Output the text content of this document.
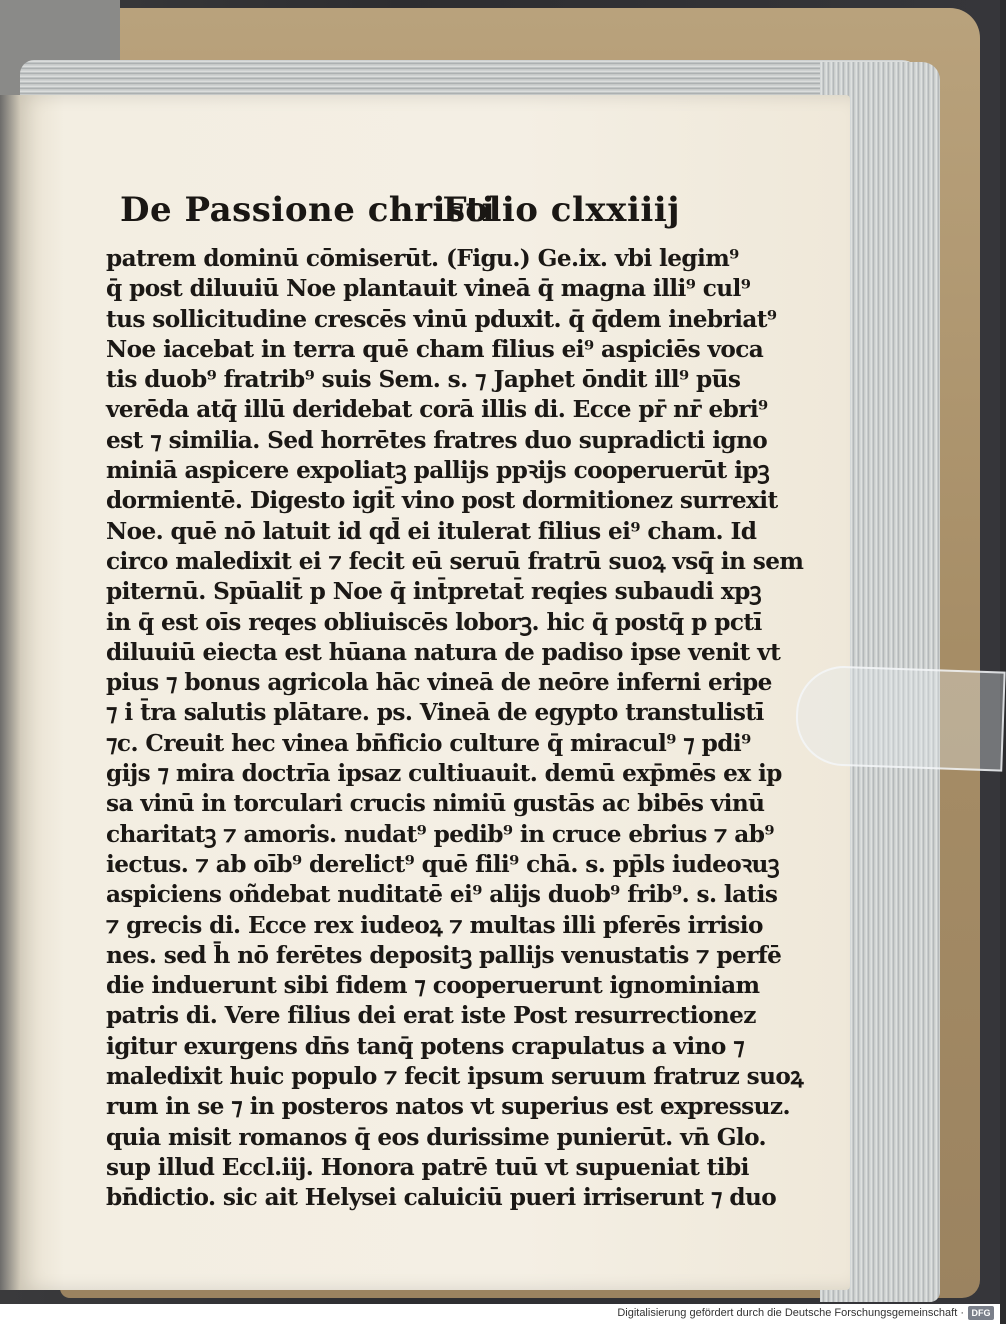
De Passione christi
Folio clxxiiij
patrem dominū cōmiserūt. (Figu.) Ge.ix. vbi legim⁹
q̄ post diluuiū Noe plantauit vineā q̄ magna illi⁹ cul⁹
tus sollicitudine crescēs vinū pduxit. q̄ q̄dem inebriat⁹
Noe iacebat in terra quē cham filius ei⁹ aspiciēs voca
tis duob⁹ fratrib⁹ suis Sem. s. ⁊ Japhet ōndit ill⁹ pu̅s
verēda atq̄ illū deridebat corā illis di. Ecce pr̄ nr̄ ebri⁹
est ⁊ similia. Sed horrētes fratres duo supradicti igno
miniā aspicere expoliatꝫ pallijs ppꝛijs cooperuerūt ipꝫ
dormientē. Digesto igit̄ vino post dormitionez surrexit
Noe. quē nō latuit id qd̄ ei itulerat filius ei⁹ cham. Id
circo maledixit ei ⁊ fecit eū seruū fratrū suoꝝ vsq̄ in sem
piternū. Spūalit̄ p Noe q̄ int̄pretat̄ reqies subaudi xpꝫ
in q̄ est oīs reqes obliuiscēs loborꝫ. hic q̄ postq̄ p pctī
diluuiū eiecta est hūana natura de padiso ipse venit vt
pius ⁊ bonus agricola hāc vineā de neōre inferni eripe
⁊ i t̄ra salutis plātare. ps. Vineā de egypto transtulistī
⁊c. Creuit hec vinea bn̄ficio culture q̄ miracul⁹ ⁊ pdi⁹
gijs ⁊ mira doctrīa ipsaz cultiuauit. demū exp̄mēs ex ip
sa vinū in torculari crucis nimiū gustās ac bibēs vinū
charitatꝫ ⁊ amoris. nudat⁹ pedib⁹ in cruce ebrius ⁊ ab⁹
iectus. ⁊ ab oīb⁹ derelict⁹ quē fili⁹ chā. s. pp̄ls iudeoꝛuꝫ
aspiciens oñdebat nuditatē ei⁹ alijs duob⁹ frib⁹. s. latis
⁊ grecis di. Ecce rex iudeoꝝ ⁊ multas illi pferēs irrisio
nes. sed h̄ nō ferētes depositꝫ pallijs venustatis ⁊ perfē
die induerunt sibi fidem ⁊ cooperuerunt ignominiam
patris di. Vere filius dei erat iste Post resurrectionez
igitur exurgens dn̄s tanq̄ potens crapulatus a vino ⁊
maledixit huic populo ⁊ fecit ipsum seruum fratruz suoꝝ
rum in se ⁊ in posteros natos vt superius est expressuz.
quia misit romanos q̄ eos durissime punierūt. vn̄ Glo.
sup illud Eccl.iij. Honora patrē tuū vt supueniat tibi
bn̄dictio. sic ait Helysei caluiciū pueri irriserunt ⁊ duo
Digitalisierung gefördert durch die Deutsche Forschungsgemeinschaft · DFG
